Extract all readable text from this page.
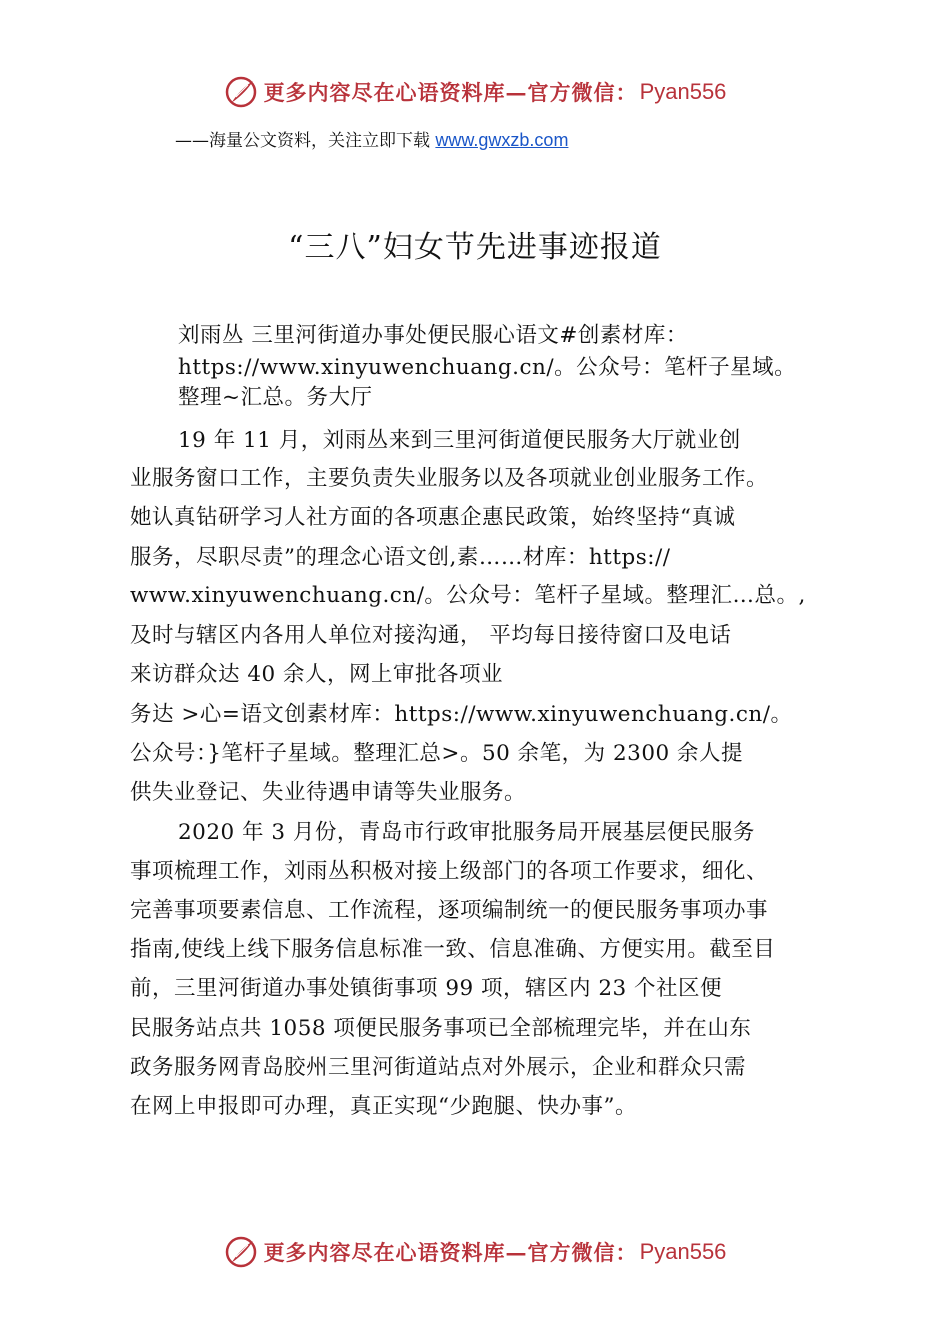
更多内容尽在心语资料库—官方微信： Pyan556
——海量公文资料，关注立即下载 www.gwxzb.com
“三八”妇女节先进事迹报道
刘雨丛 三里河街道办事处便民服心语文#创素材库：
https://www.xinyuwenchuang.cn/。公众号：笔杆子星域。
整理~汇总。务大厅
19 年 11 月，刘雨丛来到三里河街道便民服务大厅就业创
业服务窗口工作，主要负责失业服务以及各项就业创业服务工作。
她认真钻研学习人社方面的各项惠企惠民政策，始终坚持“真诚
服务，尽职尽责”的理念心语文创,素……材库：https://
www.xinyuwenchuang.cn/。公众号：笔杆子星域。整理汇…总。,
及时与辖区内各用人单位对接沟通， 平均每日接待窗口及电话
来访群众达 40 余人，网上审批各项业
务达 >心=语文创素材库：https://www.xinyuwenchuang.cn/。
公众号：}笔杆子星域。整理汇总>。50 余笔，为 2300 余人提
供失业登记、失业待遇申请等失业服务。
2020 年 3 月份，青岛市行政审批服务局开展基层便民服务
事项梳理工作，刘雨丛积极对接上级部门的各项工作要求，细化、
完善事项要素信息、工作流程，逐项编制统一的便民服务事项办事
指南,使线上线下服务信息标准一致、信息准确、方便实用。截至目
前，三里河街道办事处镇街事项 99 项，辖区内 23 个社区便
民服务站点共 1058 项便民服务事项已全部梳理完毕，并在山东
政务服务网青岛胶州三里河街道站点对外展示，企业和群众只需
在网上申报即可办理，真正实现“少跑腿、快办事”。
更多内容尽在心语资料库—官方微信： Pyan556
